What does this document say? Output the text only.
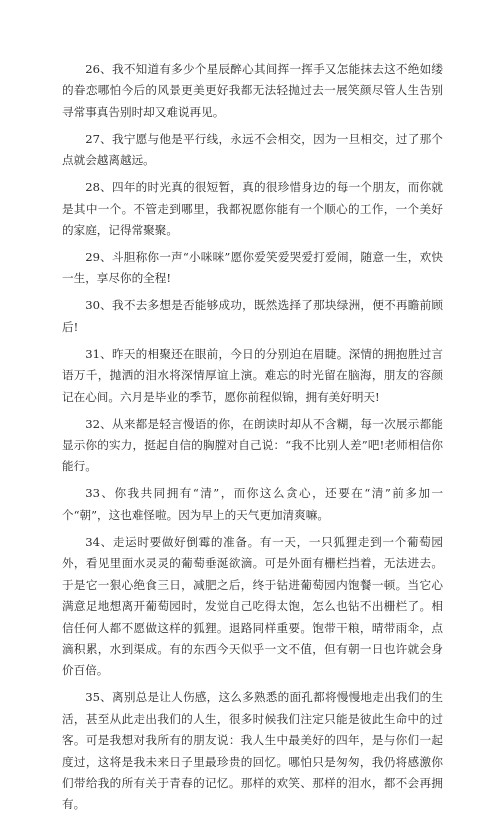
26、我不知道有多少个星辰醉心其间挥一挥手又怎能抹去这不绝如缕的眷恋哪怕今后的风景更美更好我都无法轻抛过去一展笑颜尽管人生告别寻常事真告别时却又难说再见。

27、我宁愿与他是平行线，永远不会相交，因为一旦相交，过了那个点就会越离越远。

28、四年的时光真的很短暂，真的很珍惜身边的每一个朋友，而你就是其中一个。不管走到哪里，我都祝愿你能有一个顺心的工作，一个美好的家庭，记得常聚聚。

29、斗胆称你一声“小咪咪”愿你爱笑爱哭爱打爱闹，随意一生，欢快一生，享尽你的全程!

30、我不去多想是否能够成功，既然选择了那块绿洲，便不再瞻前顾后!

31、昨天的相聚还在眼前，今日的分别迫在眉睫。深情的拥抱胜过言语万千，抛洒的泪水将深情厚谊上演。难忘的时光留在脑海，朋友的容颜记在心间。六月是毕业的季节，愿你前程似锦，拥有美好明天!

32、从来都是轻言慢语的你，在朗读时却从不含糊，每一次展示都能显示你的实力，挺起自信的胸膛对自己说：“我不比别人差”吧!老师相信你能行。

33、你我共同拥有“清”，而你这么贪心，还要在“清”前多加一个“朝”，这也难怪啦。因为早上的天气更加清爽嘛。

34、走运时要做好倒霉的准备。有一天，一只狐狸走到一个葡萄园外，看见里面水灵灵的葡萄垂涎欲滴。可是外面有栅栏挡着，无法进去。于是它一狠心绝食三日，减肥之后，终于钻进葡萄园内饱餐一顿。当它心满意足地想离开葡萄园时，发觉自己吃得太饱，怎么也钻不出栅栏了。相信任何人都不愿做这样的狐狸。退路同样重要。饱带干粮，晴带雨伞，点滴积累，水到渠成。有的东西今天似乎一文不值，但有朝一日也许就会身价百倍。

35、离别总是让人伤感，这么多熟悉的面孔都将慢慢地走出我们的生活，甚至从此走出我们的人生，很多时候我们注定只能是彼此生命中的过客。可是我想对我所有的朋友说：我人生中最美好的四年，是与你们一起度过，这将是我未来日子里最珍贵的回忆。哪怕只是匆匆，我仍将感激你们带给我的所有关于青春的记忆。那样的欢笑、那样的泪水，都不会再拥有。
